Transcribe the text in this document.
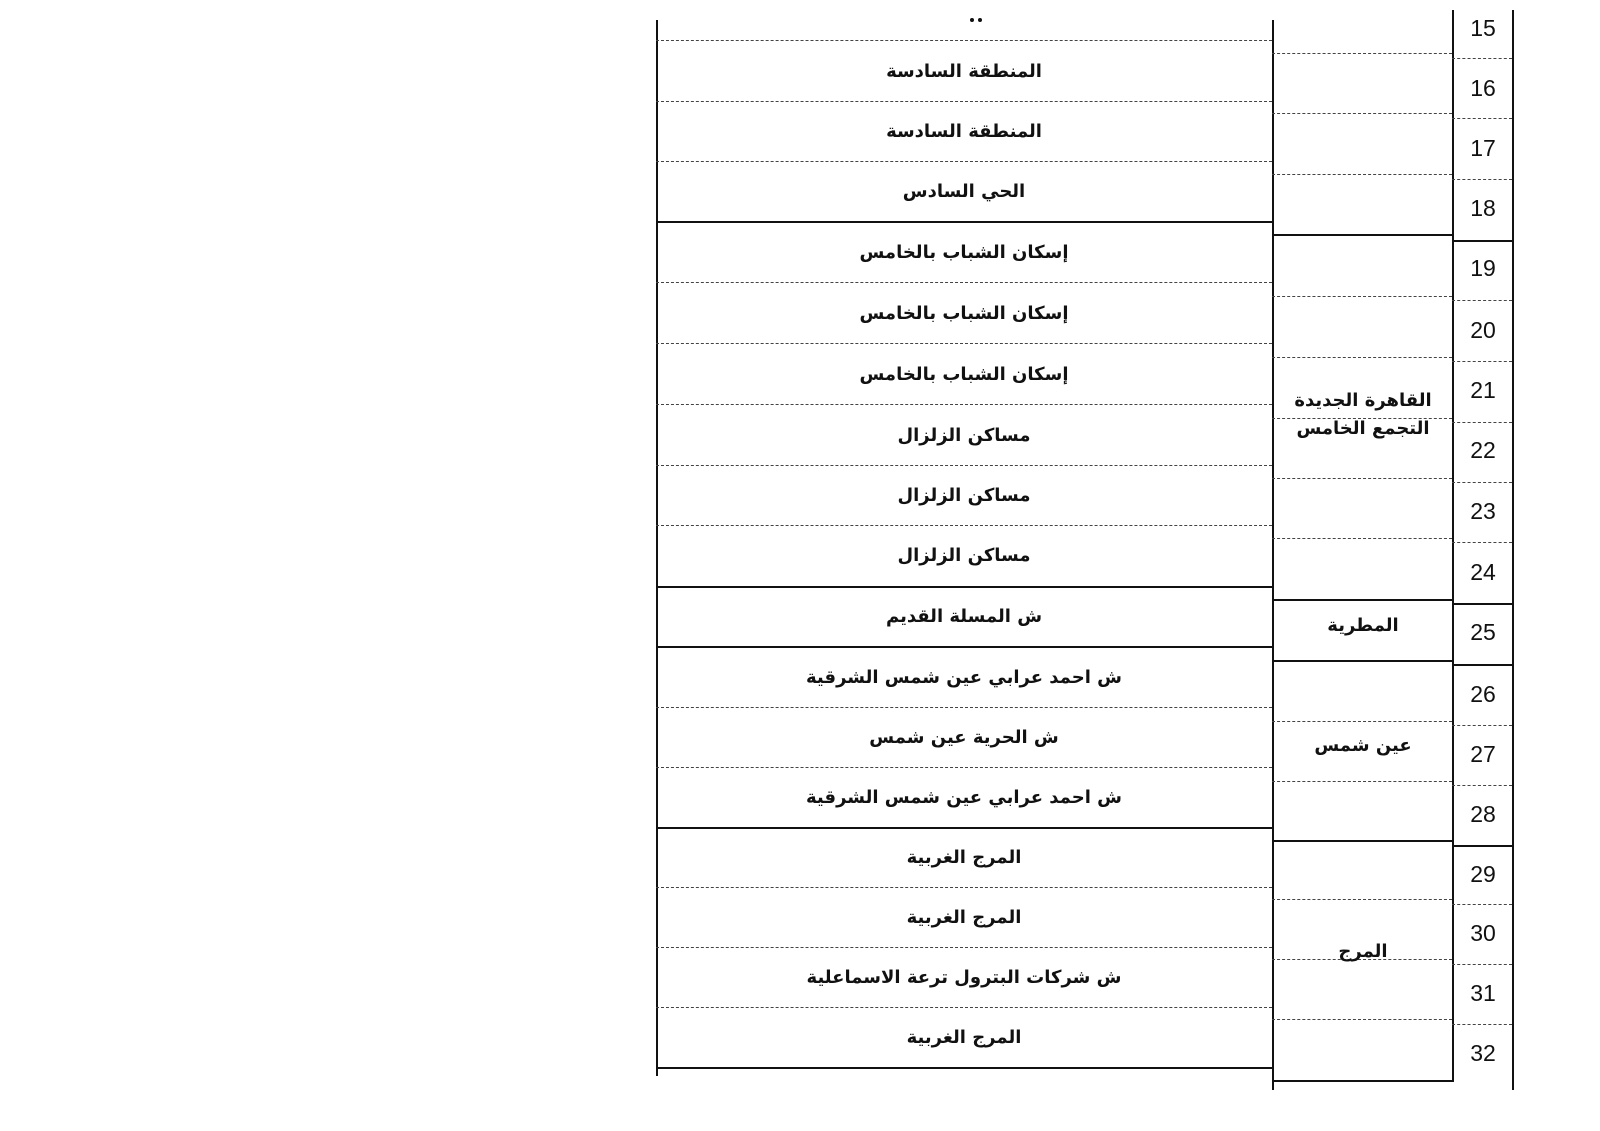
المنطقة السادسة
المنطقة السادسة
الحي السادس
إسكان الشباب بالخامس
إسكان الشباب بالخامس
إسكان الشباب بالخامس
مساكن الزلزال
مساكن الزلزال
مساكن الزلزال
ش المسلة القديم
ش احمد عرابي عين شمس الشرقية
ش الحرية عين شمس
ش احمد عرابي عين شمس الشرقية
المرج الغربية
المرج الغربية
ش شركات البترول ترعة الاسماعلية
المرج الغربية
القاهرة الجديدة
التجمع الخامس
المطرية
عين شمس
المرج
15
16
17
18
19
20
21
22
23
24
25
26
27
28
29
30
31
32
